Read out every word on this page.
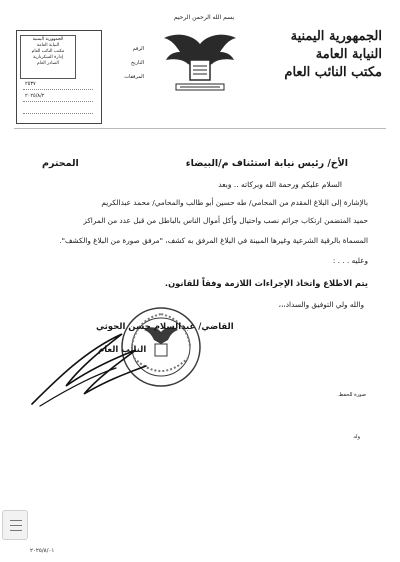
الجمهورية اليمنية
النيابة العامة
مكتب النائب العام
إدارة السكرتارية
الصادر العام
٢٥٣٧
٢٠٢٥/٨/٢
الرقم
التاريخ
المرفقات
بسم الله الرحمن الرحيم
الجمهورية اليمنية
النيابة العامة
مكتب النائب العام
الأخ/ رئيس نيابة استئناف م/البيضاء
المحترم
السلام عليكم ورحمة الله وبركاته .. وبعد
بالإشارة إلى البلاغ المقدم من المحامي/ طه حسين أبو طالب والمحامي/ محمد عبدالكريم
حميد المتضمن ارتكاب جرائم نصب واحتيال وأكل أموال الناس بالباطل من قبل عدد من المراكز
المسماة بالرقية الشرعية وغيرها المبينة في البلاغ المرفق به كشف، "مرفق صورة من البلاغ والكشف".
وعليه . . . :
يتم الاطلاع واتخاذ الإجراءات اللازمة وفقاً للقانون.
والله ولي التوفيق والسداد،،،
القاضي/ عبدالسلام حسن الحوثي
النائب العام
صورة للحفظ.
وله
٢٠٢٥/٨/٠١
